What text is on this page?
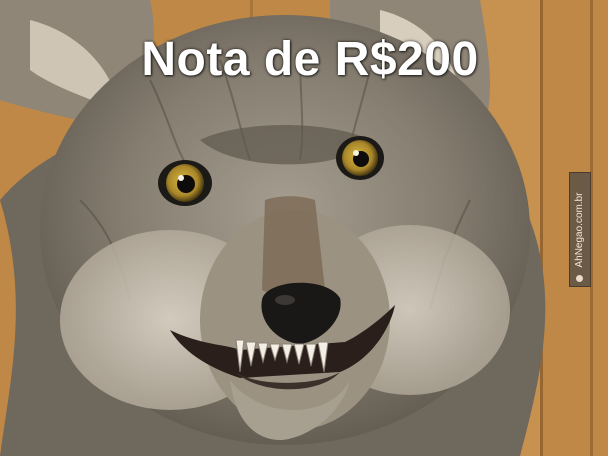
Nota de R$200
AhNegao.com.br
